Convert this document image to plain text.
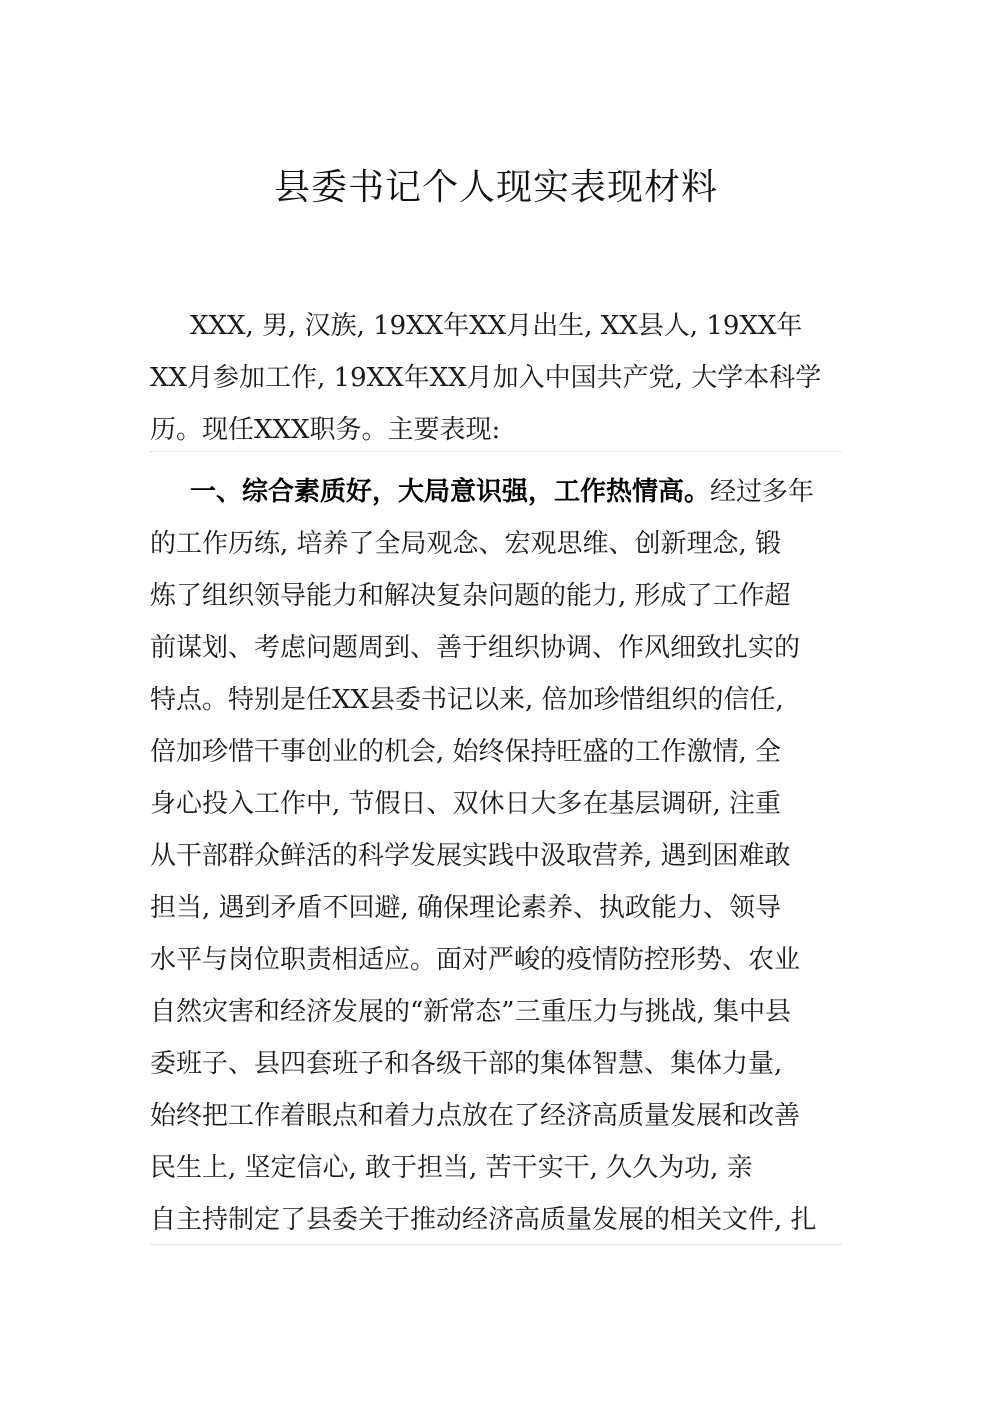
县委书记个人现实表现材料
XXX, 男, 汉族, 19XX年XX月出生, XX县人, 19XX年
XX月参加工作, 19XX年XX月加入中国共产党, 大学本科学
历。现任XXX职务。主要表现:
一、综合素质好，大局意识强，工作热情高。经过多年
的工作历练, 培养了全局观念、宏观思维、创新理念, 锻
炼了组织领导能力和解决复杂问题的能力, 形成了工作超
前谋划、考虑问题周到、善于组织协调、作风细致扎实的
特点。特别是任XX县委书记以来, 倍加珍惜组织的信任,
倍加珍惜干事创业的机会, 始终保持旺盛的工作激情, 全
身心投入工作中, 节假日、双休日大多在基层调研, 注重
从干部群众鲜活的科学发展实践中汲取营养, 遇到困难敢
担当, 遇到矛盾不回避, 确保理论素养、执政能力、领导
水平与岗位职责相适应。面对严峻的疫情防控形势、农业
自然灾害和经济发展的“新常态”三重压力与挑战, 集中县
委班子、县四套班子和各级干部的集体智慧、集体力量,
始终把工作着眼点和着力点放在了经济高质量发展和改善
民生上, 坚定信心, 敢于担当, 苦干实干, 久久为功, 亲
自主持制定了县委关于推动经济高质量发展的相关文件, 扎
